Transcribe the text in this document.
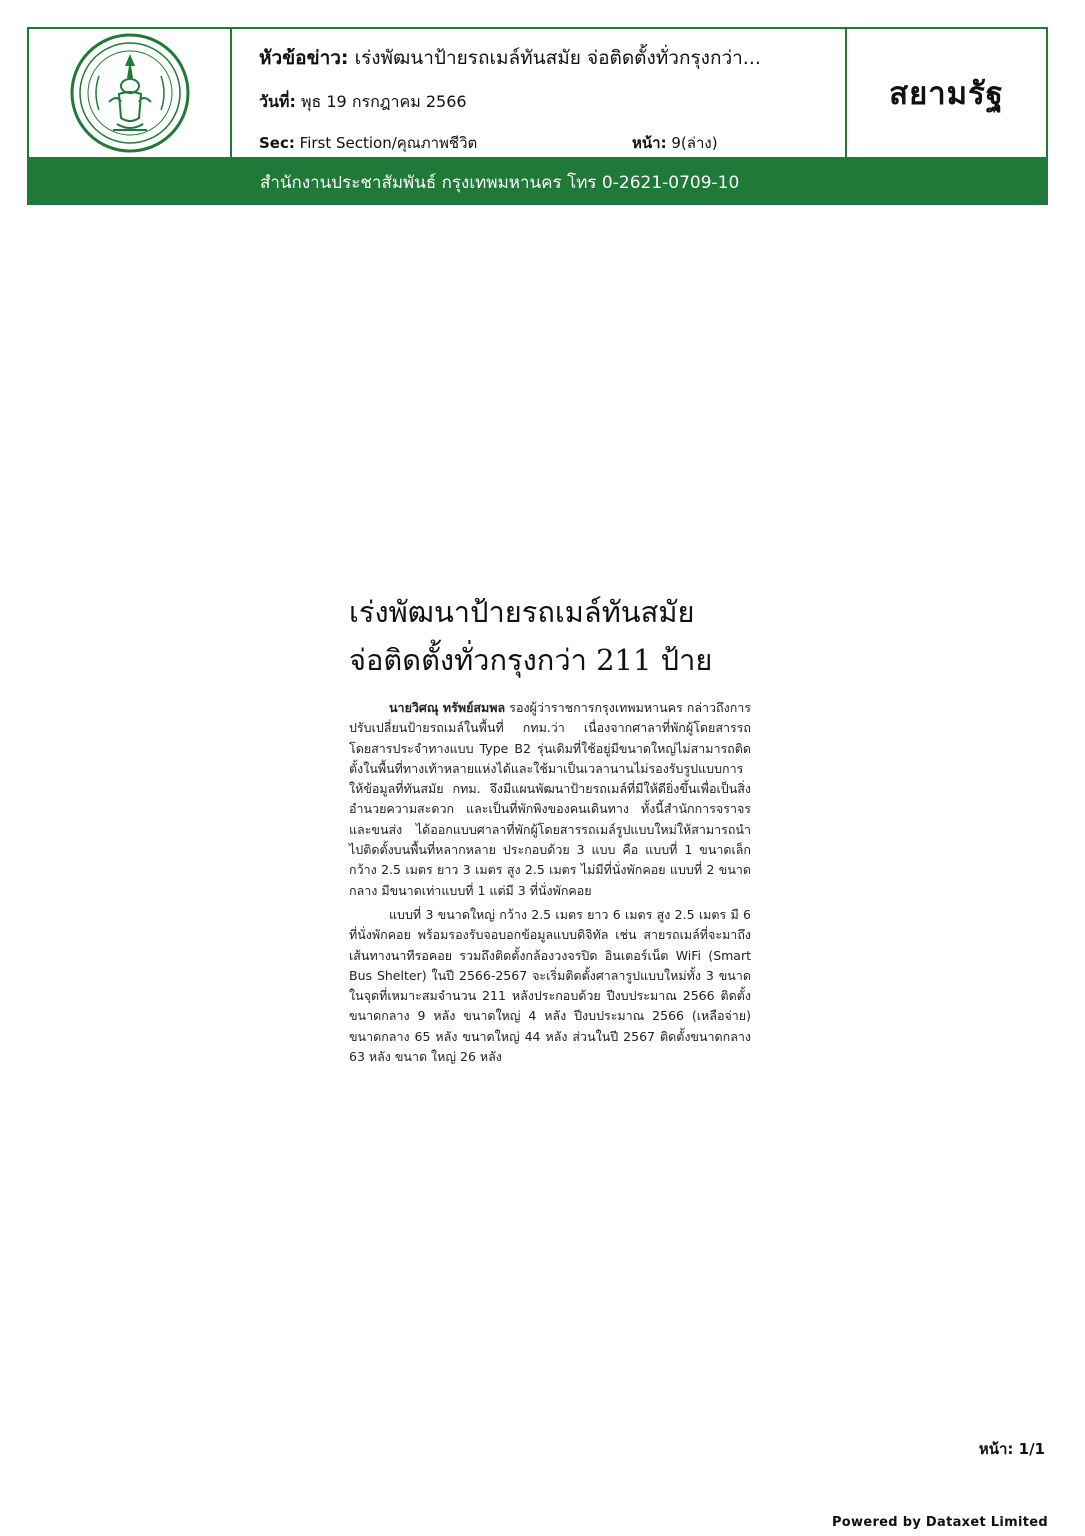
หัวข้อข่าว: เร่งพัฒนาป้ายรถเมล์ทันสมัย จ่อติดตั้งทั่วกรุงกว่า...
วันที่: พุธ 19 กรกฎาคม 2566
Sec: First Section/คุณภาพชีวิต	หน้า: 9(ล่าง)
สยามรัฐ
สำนักงานประชาสัมพันธ์ กรุงเทพมหานคร โทร 0-2621-0709-10
เร่งพัฒนาป้ายรถเมล์ทันสมัย
จ่อติดตั้งทั่วกรุงกว่า 211 ป้าย

นายวิศณุ ทรัพย์สมพล รองผู้ว่าราชการกรุงเทพมหานคร กล่าวถึงการปรับเปลี่ยนป้ายรถเมล์ในพื้นที่ กทม.ว่า เนื่องจากศาลาที่พักผู้โดยสารรถโดยสารประจำทางแบบ Type B2 รุ่นเดิมที่ใช้อยู่มีขนาดใหญ่ไม่สามารถติดตั้งในพื้นที่ทางเท้าหลายแห่งได้และใช้มาเป็นเวลานานไม่รองรับรูปแบบการให้ข้อมูลที่ทันสมัย กทม. จึงมีแผนพัฒนาป้ายรถเมล์ที่มีให้ดียิ่งขึ้นเพื่อเป็นสิ่งอำนวยความสะดวก และเป็นที่พักพิงของคนเดินทาง ทั้งนี้สำนักการจราจรและขนส่ง ได้ออกแบบศาลาที่พักผู้โดยสารรถเมล์รูปแบบใหม่ให้สามารถนำไปติดตั้งบนพื้นที่หลากหลาย ประกอบด้วย 3 แบบ คือ แบบที่ 1 ขนาดเล็ก กว้าง 2.5 เมตร ยาว 3 เมตร สูง 2.5 เมตร ไม่มีที่นั่งพักคอย แบบที่ 2 ขนาดกลาง มีขนาดเท่าแบบที่ 1 แต่มี 3 ที่นั่งพักคอย

แบบที่ 3 ขนาดใหญ่ กว้าง 2.5 เมตร ยาว 6 เมตร สูง 2.5 เมตร มี 6 ที่นั่งพักคอย พร้อมรองรับจอบอกข้อมูลแบบดิจิทัล เช่น สายรถเมล์ที่จะมาถึงเส้นทางนาทีรอคอย รวมถึงติดตั้งกล้องวงจรปิด อินเตอร์เน็ต WiFi (Smart Bus Shelter) ในปี 2566-2567 จะเริ่มติดตั้งศาลารูปแบบใหม่ทั้ง 3 ขนาดในจุดที่เหมาะสมจำนวน 211 หลังประกอบด้วย ปีงบประมาณ 2566 ติดตั้งขนาดกลาง 9 หลัง ขนาดใหญ่ 4 หลัง ปีงบประมาณ 2566 (เหลือจ่าย) ขนาดกลาง 65 หลัง ขนาดใหญ่ 44 หลัง ส่วนในปี 2567 ติดตั้งขนาดกลาง 63 หลัง ขนาด ใหญ่ 26 หลัง

หน้า: 1/1
Powered by Dataxet Limited
